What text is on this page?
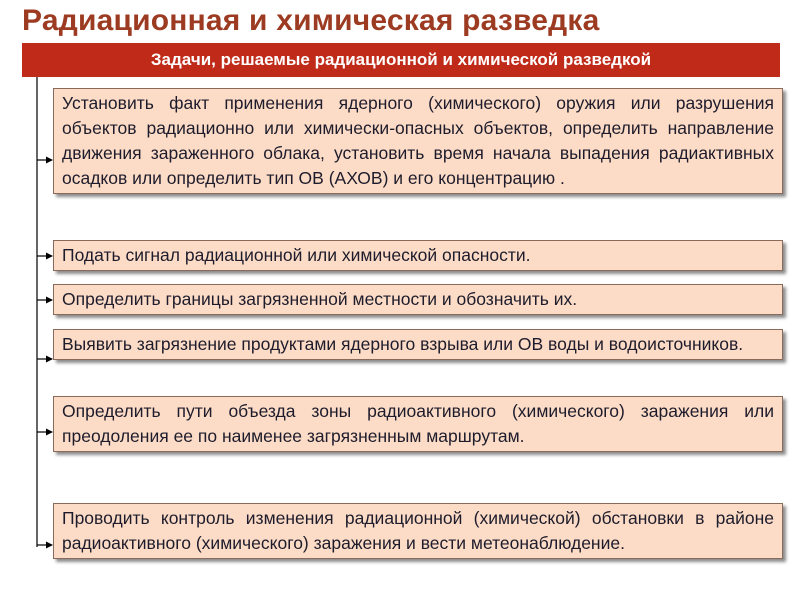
Радиационная и химическая разведка
Задачи, решаемые радиационной и химической разведкой
Установить факт применения ядерного (химического) оружия или разрушения объектов радиационно или химически-опасных объектов, определить направление движения зараженного облака, установить время начала выпадения радиактивных осадков или определить тип ОВ (АХОВ) и его концентрацию .
Подать сигнал радиационной или химической опасности.
Определить границы загрязненной местности и обозначить их.
Выявить загрязнение продуктами ядерного взрыва или ОВ воды и водоисточников.
Определить пути объезда зоны радиоактивного (химического) заражения или преодоления ее по наименее загрязненным маршрутам.
Проводить контроль изменения радиационной (химической) обстановки в районе радиоактивного (химического) заражения и вести метеонаблюдение.
